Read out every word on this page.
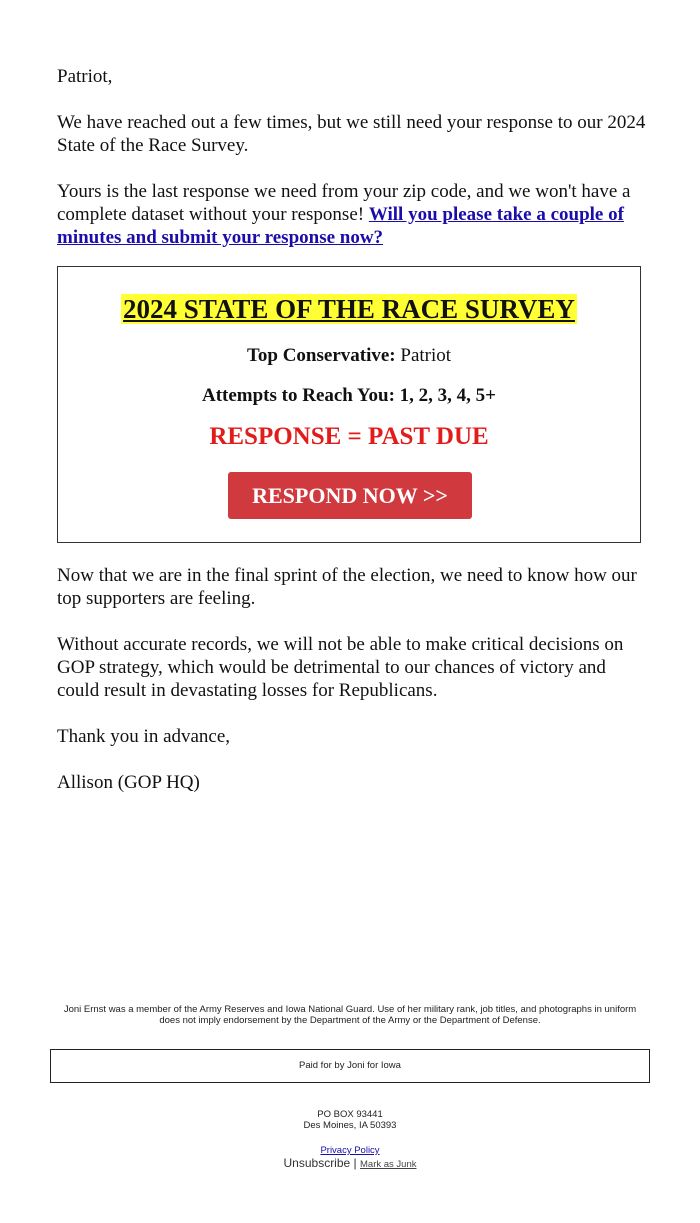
Patriot,

We have reached out a few times, but we still need your response to our 2024 State of the Race Survey.

Yours is the last response we need from your zip code, and we won't have a complete dataset without your response! Will you please take a couple of minutes and submit your response now?

2024 STATE OF THE RACE SURVEY
Top Conservative: Patriot
Attempts to Reach You: 1, 2, 3, 4, 5+
RESPONSE = PAST DUE
RESPOND NOW >>

Now that we are in the final sprint of the election, we need to know how our top supporters are feeling.

Without accurate records, we will not be able to make critical decisions on GOP strategy, which would be detrimental to our chances of victory and could result in devastating losses for Republicans.

Thank you in advance,

Allison (GOP HQ)

Joni Ernst was a member of the Army Reserves and Iowa National Guard. Use of her military rank, job titles, and photographs in uniform does not imply endorsement by the Department of the Army or the Department of Defense.
Paid for by Joni for Iowa
PO BOX 93441
Des Moines, IA 50393
Privacy Policy
Unsubscribe | Mark as Junk
